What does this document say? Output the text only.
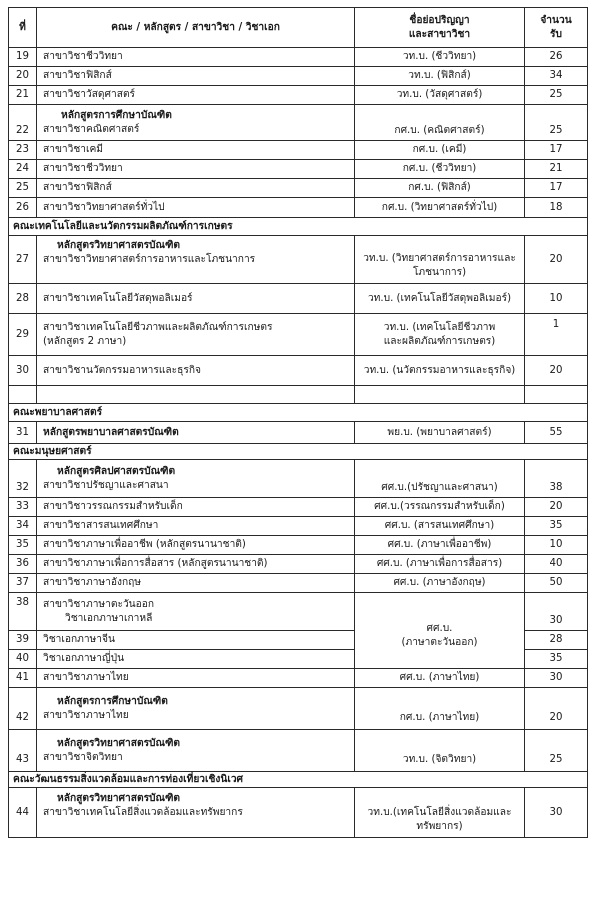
ที่	คณะ / หลักสูตร / สาขาวิชา / วิชาเอก	ชื่อย่อปริญญา
และสาขาวิชา	จำนวน
รับ

19	สาขาวิชาชีววิทยา	วท.บ. (ชีววิทยา)	26
20	สาขาวิชาฟิสิกส์	วท.บ. (ฟิสิกส์)	34
21	สาขาวิชาวัสดุศาสตร์	วท.บ. (วัสดุศาสตร์)	25
22	หลักสูตรการศึกษาบัณฑิต
สาขาวิชาคณิตศาสตร์	กศ.บ. (คณิตศาสตร์)	25
23	สาขาวิชาเคมี	กศ.บ. (เคมี)	17
24	สาขาวิชาชีววิทยา	กศ.บ. (ชีววิทยา)	21
25	สาขาวิชาฟิสิกส์	กศ.บ. (ฟิสิกส์)	17
26	สาขาวิชาวิทยาศาสตร์ทั่วไป	กศ.บ. (วิทยาศาสตร์ทั่วไป)	18
คณะเทคโนโลยีและนวัตกรรมผลิตภัณฑ์การเกษตร			
27	หลักสูตรวิทยาศาสตรบัณฑิต
สาขาวิชาวิทยาศาสตร์การอาหารและโภชนาการ	วท.บ. (วิทยาศาสตร์การอาหารและ
โภชนาการ)	20
28	สาขาวิชาเทคโนโลยีวัสดุพอลิเมอร์	วท.บ. (เทคโนโลยีวัสดุพอลิเมอร์)	10
29	สาขาวิชาเทคโนโลยีชีวภาพและผลิตภัณฑ์การเกษตร
(หลักสูตร 2 ภาษา)	วท.บ. (เทคโนโลยีชีวภาพ
และผลิตภัณฑ์การเกษตร)	1
30	สาขาวิชานวัตกรรมอาหารและธุรกิจ	วท.บ. (นวัตกรรมอาหารและธุรกิจ)	20

คณะพยาบาลศาสตร์			
31	หลักสูตรพยาบาลศาสตรบัณฑิต	พย.บ. (พยาบาลศาสตร์)	55
คณะมนุษยศาสตร์			
32	หลักสูตรศิลปศาสตรบัณฑิต
สาขาวิชาปรัชญาและศาสนา	ศศ.บ.(ปรัชญาและศาสนา)	38
33	สาขาวิชาวรรณกรรมสำหรับเด็ก	ศศ.บ.(วรรณกรรมสำหรับเด็ก)	20
34	สาขาวิชาสารสนเทศศึกษา	ศศ.บ. (สารสนเทศศึกษา)	35
35	สาขาวิชาภาษาเพื่ออาชีพ (หลักสูตรนานาชาติ)	ศศ.บ. (ภาษาเพื่ออาชีพ)	10
36	สาขาวิชาภาษาเพื่อการสื่อสาร (หลักสูตรนานาชาติ)	ศศ.บ. (ภาษาเพื่อการสื่อสาร)	40
37	สาขาวิชาภาษาอังกฤษ	ศศ.บ. (ภาษาอังกฤษ)	50
38	สาขาวิชาภาษาตะวันออก
วิชาเอกภาษาเกาหลี	ศศ.บ.
(ภาษาตะวันออก)	30
39	วิชาเอกภาษาจีน		28
40	วิชาเอกภาษาญี่ปุ่น		35
41	สาขาวิชาภาษาไทย	ศศ.บ. (ภาษาไทย)	30
42	หลักสูตรการศึกษาบัณฑิต
สาขาวิชาภาษาไทย	กศ.บ. (ภาษาไทย)	20
43	หลักสูตรวิทยาศาสตรบัณฑิต
สาขาวิชาจิตวิทยา	วท.บ. (จิตวิทยา)	25
คณะวัฒนธรรมสิ่งแวดล้อมและการท่องเที่ยวเชิงนิเวศ			
44	หลักสูตรวิทยาศาสตรบัณฑิต
สาขาวิชาเทคโนโลยีสิ่งแวดล้อมและทรัพยากร	วท.บ.(เทคโนโลยีสิ่งแวดล้อมและ
ทรัพยากร)	30
